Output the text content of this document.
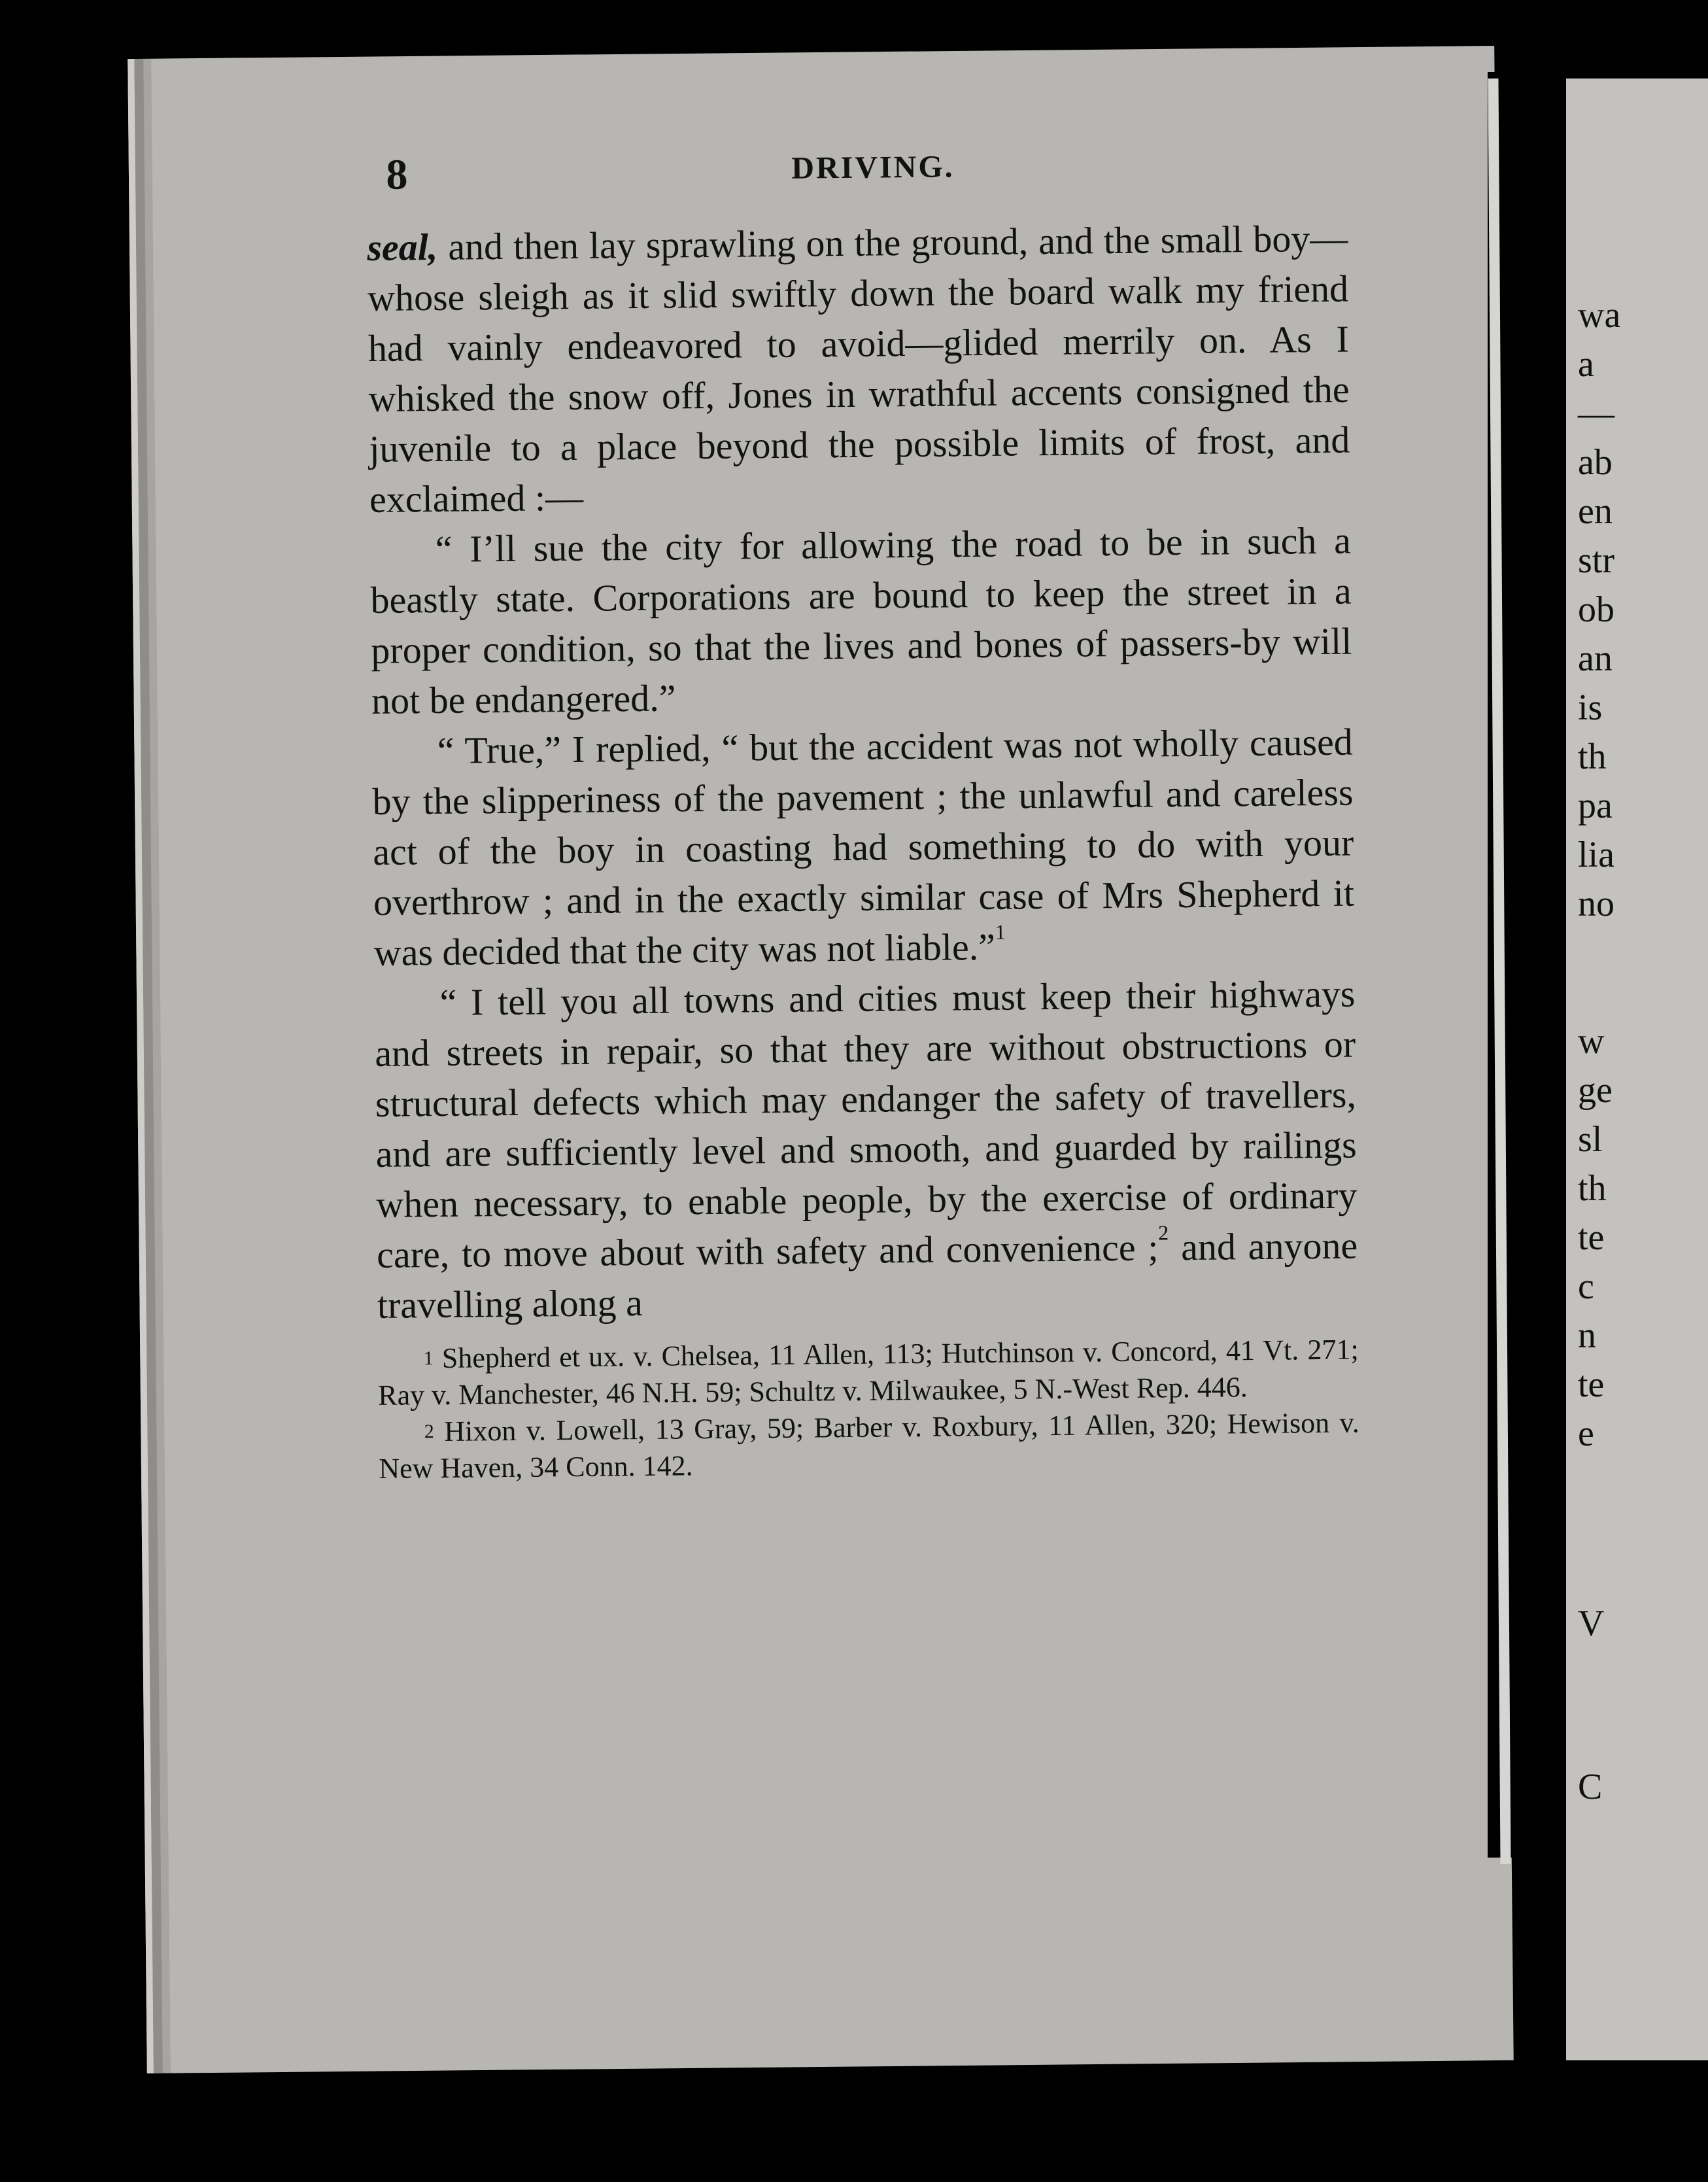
wa
a
—
ab
en
str
ob
an
is
th
pa
lia
no
w
ge
sl
th
te
c
n
te
e
V
C
8	DRIVING.

seal, and then lay sprawling on the ground, and the small boy—whose sleigh as it slid swiftly down the board walk my friend had vainly endeavored to avoid—glided merrily on. As I whisked the snow off, Jones in wrathful accents consigned the juvenile to a place beyond the possible limits of frost, and exclaimed :—

“ I’ll sue the city for allowing the road to be in such a beastly state. Corporations are bound to keep the street in a proper condition, so that the lives and bones of passers-by will not be endangered.”

“ True,” I replied, “ but the accident was not wholly caused by the slipperiness of the pavement ; the unlawful and careless act of the boy in coasting had something to do with your overthrow ; and in the exactly similar case of Mrs Shepherd it was decided that the city was not liable.”$^1$

“ I tell you all towns and cities must keep their highways and streets in repair, so that they are without obstructions or structural defects which may endanger the safety of travellers, and are sufficiently level and smooth, and guarded by railings when necessary, to enable people, by the exercise of ordinary care, to move about with safety and convenience ;$^2$ and anyone travelling along a

$^1$ Shepherd et ux. v. Chelsea, 11 Allen, 113; Hutchinson v. Concord, 41 Vt. 271; Ray v. Manchester, 46 N.H. 59; Schultz v. Milwaukee, 5 N.-West Rep. 446.

$^2$ Hixon v. Lowell, 13 Gray, 59; Barber v. Roxbury, 11 Allen, 320; Hewison v. New Haven, 34 Conn. 142.
